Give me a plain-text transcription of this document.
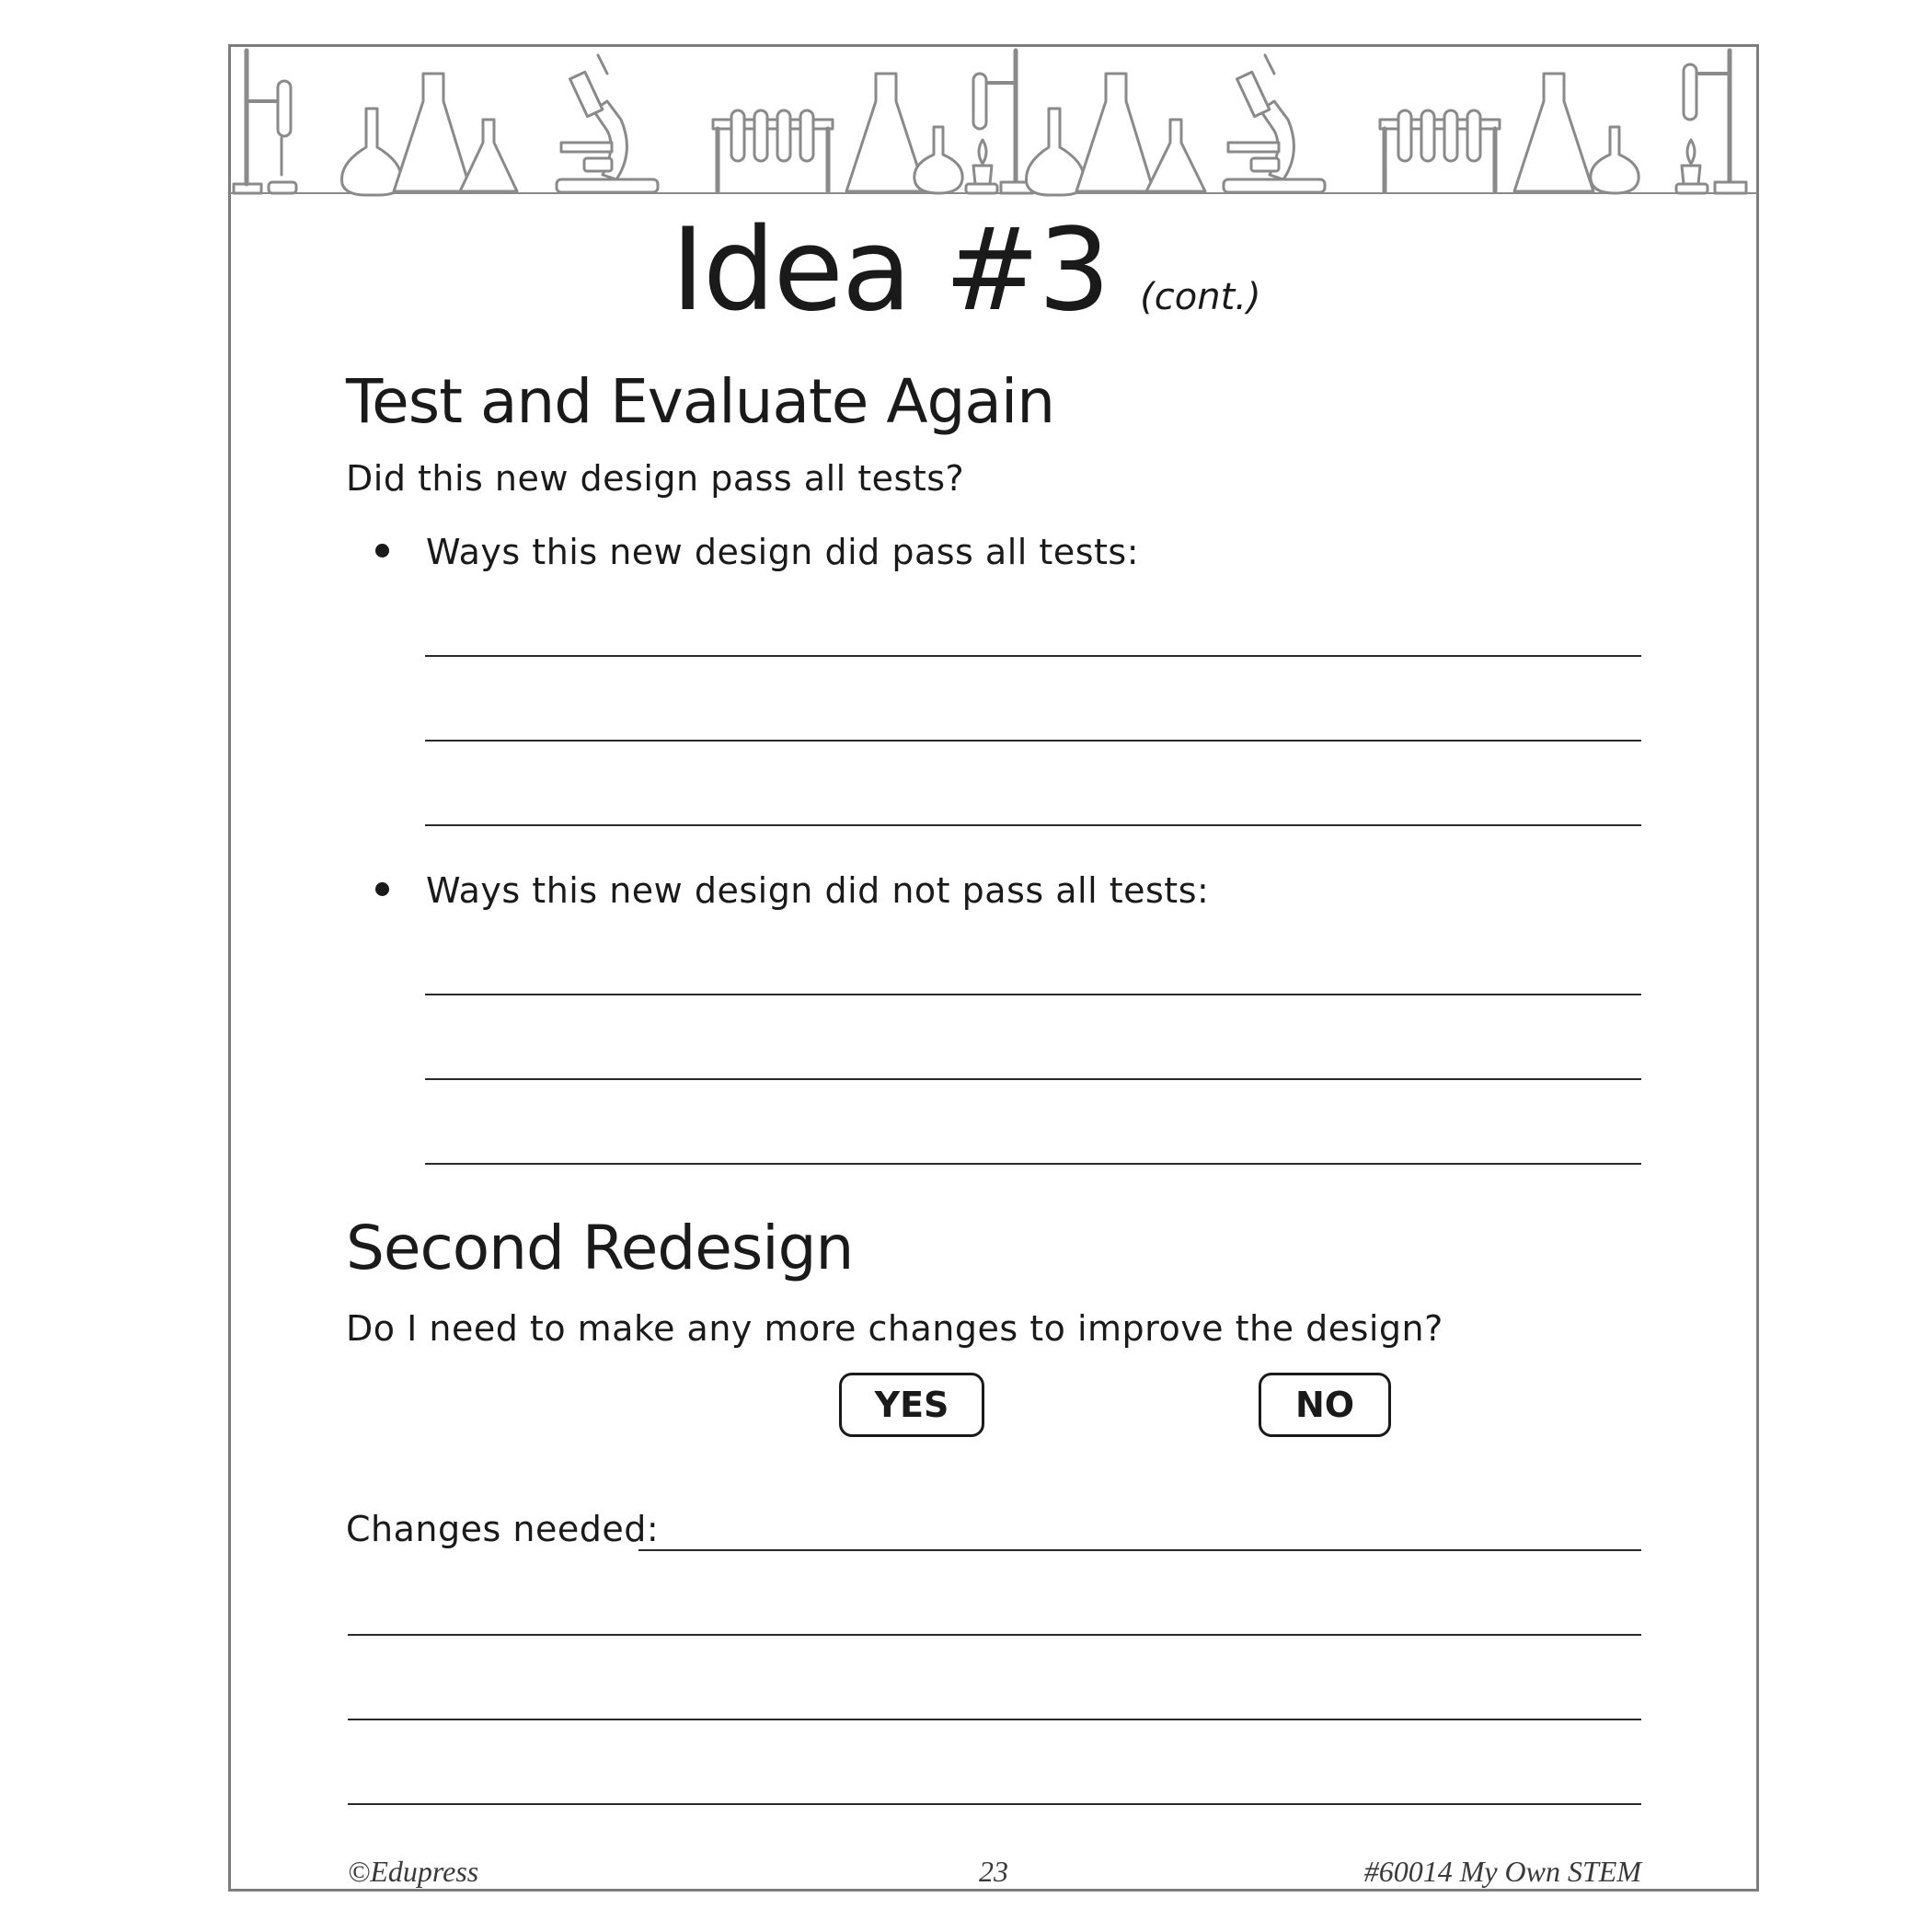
Idea #3 (cont.)
Test and Evaluate Again
Did this new design pass all tests?
Ways this new design did pass all tests:
Ways this new design did not pass all tests:
Second Redesign
Do I need to make any more changes to improve the design?
YES	NO
Changes needed:
©Edupress	23	#60014 My Own STEM
